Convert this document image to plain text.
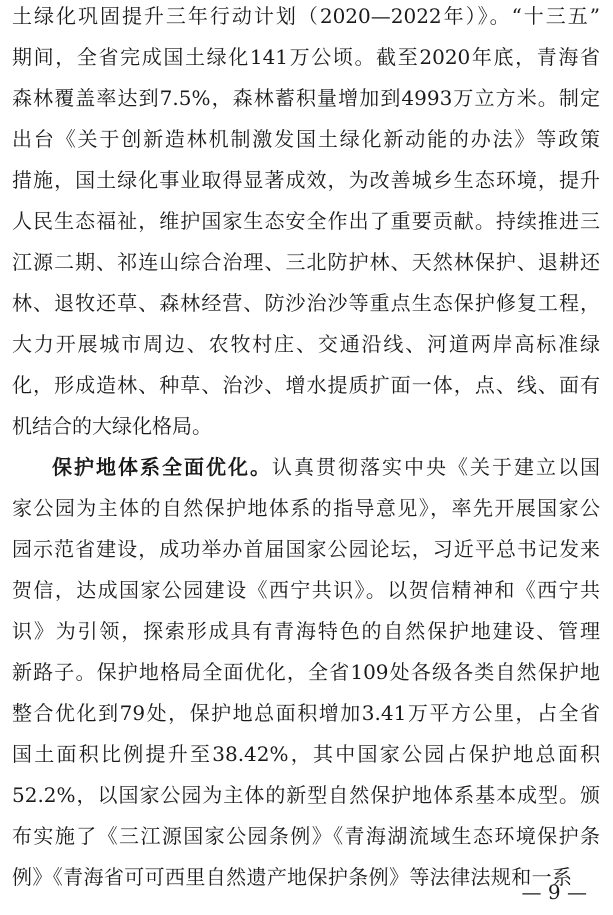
土绿化巩固提升三年行动计划（2020—2022年）》。“十三五”
期间，全省完成国土绿化141万公顷。截至2020年底，青海省
森林覆盖率达到7.5%，森林蓄积量增加到4993万立方米。制定
出台《关于创新造林机制激发国土绿化新动能的办法》等政策
措施，国土绿化事业取得显著成效，为改善城乡生态环境，提升
人民生态福祉，维护国家生态安全作出了重要贡献。持续推进三
江源二期、祁连山综合治理、三北防护林、天然林保护、退耕还
林、退牧还草、森林经营、防沙治沙等重点生态保护修复工程，
大力开展城市周边、农牧村庄、交通沿线、河道两岸高标准绿
化，形成造林、种草、治沙、增水提质扩面一体，点、线、面有
机结合的大绿化格局。
保护地体系全面优化。认真贯彻落实中央《关于建立以国
家公园为主体的自然保护地体系的指导意见》，率先开展国家公
园示范省建设，成功举办首届国家公园论坛，习近平总书记发来
贺信，达成国家公园建设《西宁共识》。以贺信精神和《西宁共
识》为引领，探索形成具有青海特色的自然保护地建设、管理
新路子。保护地格局全面优化，全省109处各级各类自然保护地
整合优化到79处，保护地总面积增加3.41万平方公里，占全省
国土面积比例提升至38.42%，其中国家公园占保护地总面积
52.2%，以国家公园为主体的新型自然保护地体系基本成型。颁
布实施了《三江源国家公园条例》《青海湖流域生态环境保护条
例》《青海省可可西里自然遗产地保护条例》等法律法规和一系
— 9 —
